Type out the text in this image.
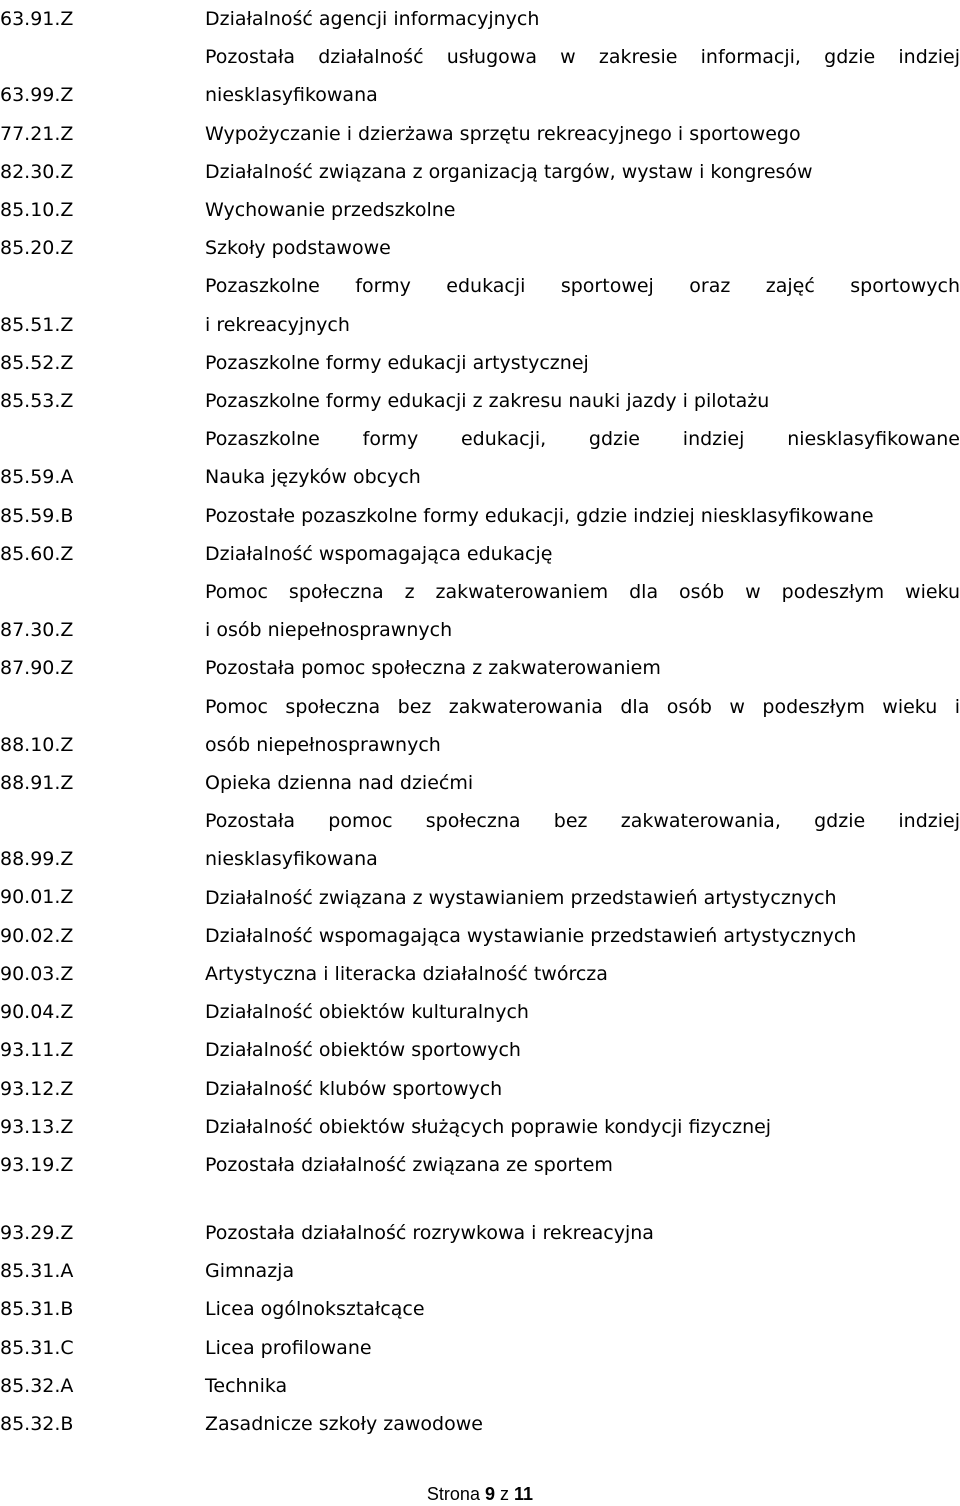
63.91.Z	Działalność agencji informacyjnych
63.99.Z
Pozostała działalność usługowa w zakresie informacji, gdzie indziej
niesklasyfikowana
77.21.Z	Wypożyczanie i dzierżawa sprzętu rekreacyjnego i sportowego
82.30.Z	Działalność związana z organizacją targów, wystaw i kongresów
85.10.Z	Wychowanie przedszkolne
85.20.Z	Szkoły podstawowe
85.51.Z
Pozaszkolne formy edukacji sportowej oraz zajęć sportowych
i rekreacyjnych
85.52.Z	Pozaszkolne formy edukacji artystycznej
85.53.Z	Pozaszkolne formy edukacji z zakresu nauki jazdy i pilotażu
85.59.A
Pozaszkolne formy edukacji, gdzie indziej niesklasyfikowane
Nauka języków obcych
85.59.B	Pozostałe pozaszkolne formy edukacji, gdzie indziej niesklasyfikowane
85.60.Z	Działalność wspomagająca edukację
87.30.Z
Pomoc społeczna z zakwaterowaniem dla osób w podeszłym wieku
i osób niepełnosprawnych
87.90.Z	Pozostała pomoc społeczna z zakwaterowaniem
88.10.Z
Pomoc społeczna bez zakwaterowania dla osób w podeszłym wieku i
osób niepełnosprawnych
88.91.Z	Opieka dzienna nad dziećmi
88.99.Z
Pozostała pomoc społeczna bez zakwaterowania, gdzie indziej
niesklasyfikowana
90.01.Z	Działalność związana z wystawianiem przedstawień artystycznych
90.02.Z	Działalność wspomagająca wystawianie przedstawień artystycznych
90.03.Z	Artystyczna i literacka działalność twórcza
90.04.Z	Działalność obiektów kulturalnych
93.11.Z	Działalność obiektów sportowych
93.12.Z	Działalność klubów sportowych
93.13.Z	Działalność obiektów służących poprawie kondycji fizycznej
93.19.Z	Pozostała działalność związana ze sportem
93.29.Z	Pozostała działalność rozrywkowa i rekreacyjna
85.31.A	Gimnazja
85.31.B	Licea ogólnokształcące
85.31.C	Licea profilowane
85.32.A	Technika
85.32.B	Zasadnicze szkoły zawodowe
Strona 9 z 11
